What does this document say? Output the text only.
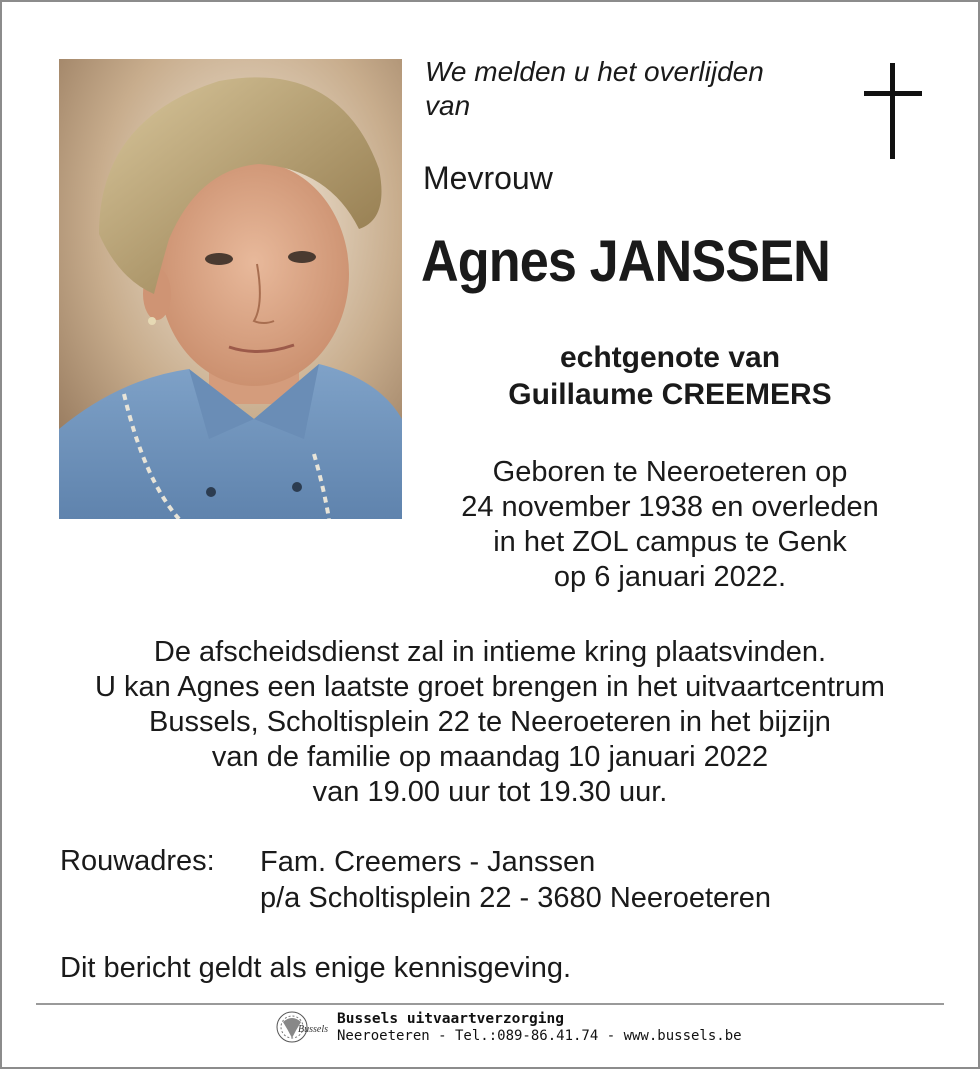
We melden u het overlijden
van
Mevrouw
Agnes JANSSEN
echtgenote van
Guillaume CREEMERS
Geboren te Neeroeteren op
24 november 1938 en overleden
in het ZOL campus te Genk
op 6 januari 2022.
De afscheidsdienst zal in intieme kring plaatsvinden.
U kan Agnes een laatste groet brengen in het uitvaartcentrum
Bussels, Scholtisplein 22 te Neeroeteren in het bijzijn
van de familie op maandag 10 januari 2022
van 19.00 uur tot 19.30 uur.
Rouwadres: Fam. Creemers - Janssen
p/a Scholtisplein 22 - 3680 Neeroeteren
Dit bericht geldt als enige kennisgeving.
Bussels
Bussels uitvaartverzorging
Neeroeteren - Tel.:089-86.41.74 - www.bussels.be
